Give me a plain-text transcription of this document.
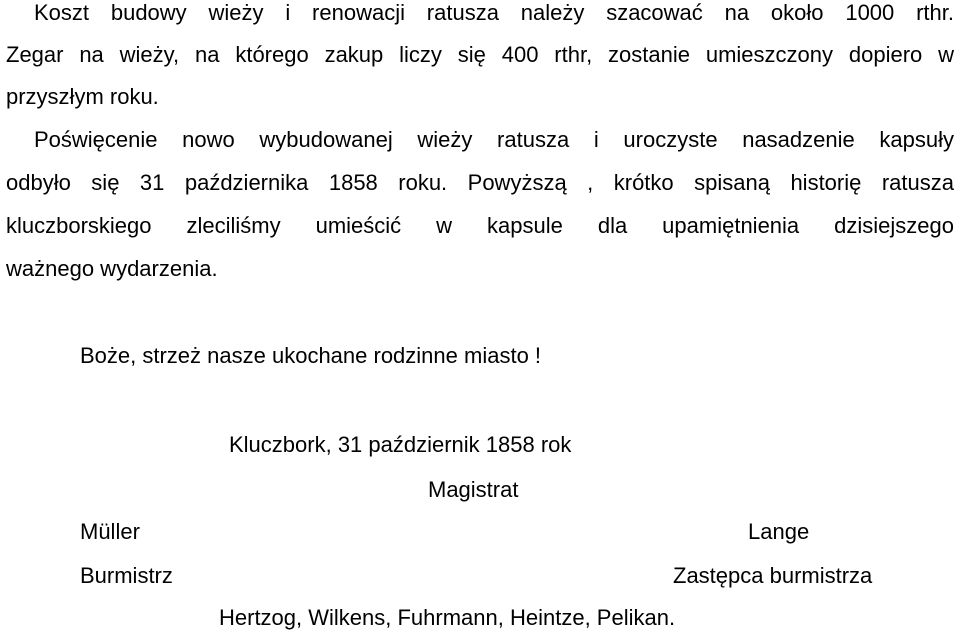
Koszt budowy wieży i renowacji ratusza należy szacować na około 1000 rthr.
Zegar na wieży, na którego zakup liczy się 400 rthr, zostanie umieszczony dopiero w
przyszłym roku.
Poświęcenie nowo wybudowanej wieży ratusza i uroczyste nasadzenie kapsuły
odbyło się 31 października 1858 roku. Powyższą , krótko spisaną historię ratusza
kluczborskiego zleciliśmy umieścić w kapsule dla upamiętnienia dzisiejszego
ważnego wydarzenia.
Boże, strzeż nasze ukochane rodzinne miasto !
Kluczbork, 31 październik 1858 rok
Magistrat
Müller	Lange
Burmistrz	Zastępca burmistrza
Hertzog, Wilkens, Fuhrmann, Heintze, Pelikan.
